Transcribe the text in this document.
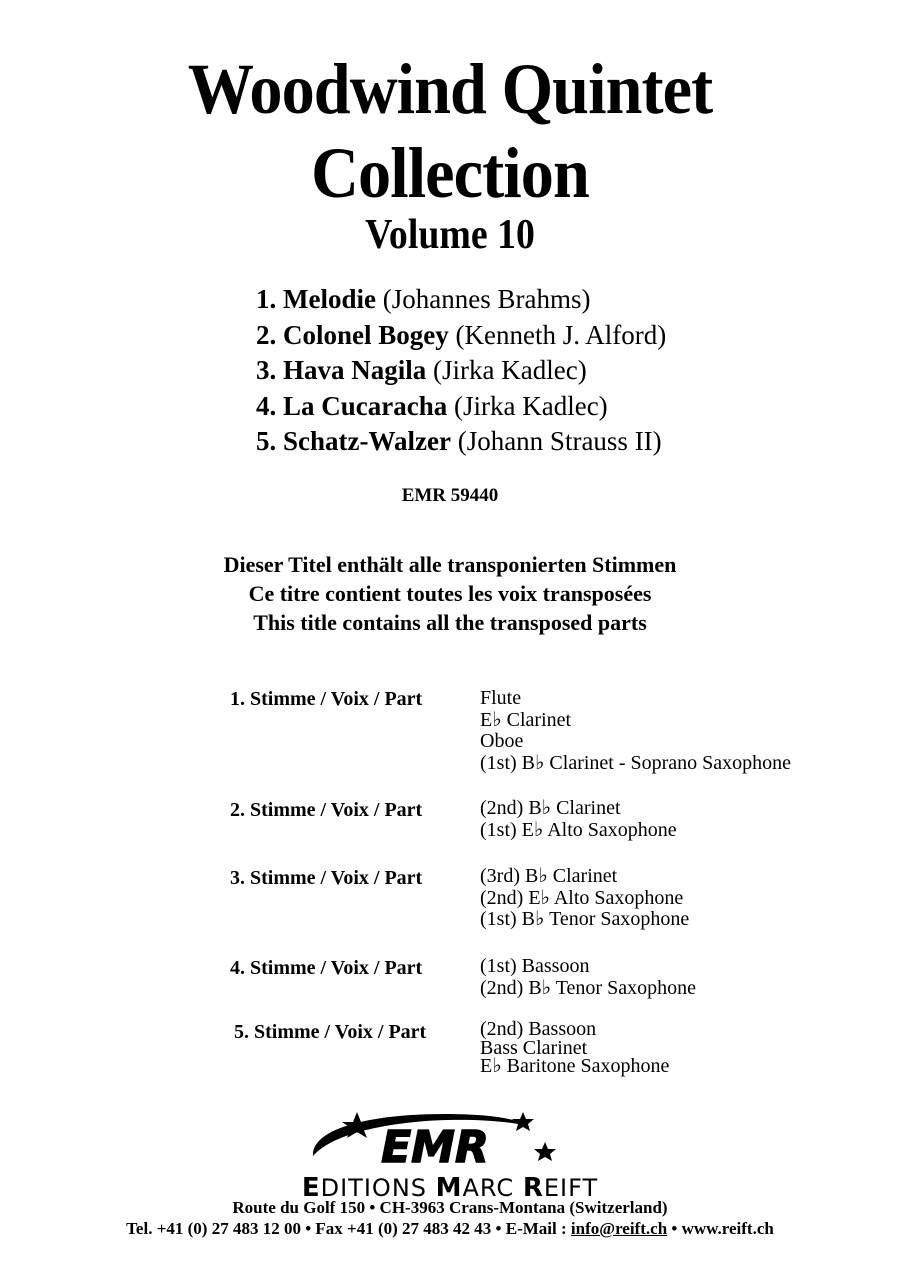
Woodwind Quintet
Collection
Volume 10
1. Melodie (Johannes Brahms)
2. Colonel Bogey (Kenneth J. Alford)
3. Hava Nagila (Jirka Kadlec)
4. La Cucaracha (Jirka Kadlec)
5. Schatz-Walzer (Johann Strauss II)
EMR 59440
Dieser Titel enthält alle transponierten Stimmen
Ce titre contient toutes les voix transposées
This title contains all the transposed parts
1. Stimme / Voix / Part	Flute
E♭ Clarinet
Oboe
(1st) B♭ Clarinet - Soprano Saxophone
2. Stimme / Voix / Part	(2nd) B♭ Clarinet
(1st) E♭ Alto Saxophone
3. Stimme / Voix / Part	(3rd) B♭ Clarinet
(2nd) E♭ Alto Saxophone
(1st) B♭ Tenor Saxophone
4. Stimme / Voix / Part	(1st) Bassoon
(2nd) B♭ Tenor Saxophone
5. Stimme / Voix / Part	(2nd) Bassoon
Bass Clarinet
E♭ Baritone Saxophone
EMR
EDITIONS MARC REIFT
Route du Golf 150 • CH-3963 Crans-Montana (Switzerland)
Tel. +41 (0) 27 483 12 00 • Fax +41 (0) 27 483 42 43 • E-Mail : info@reift.ch • www.reift.ch
